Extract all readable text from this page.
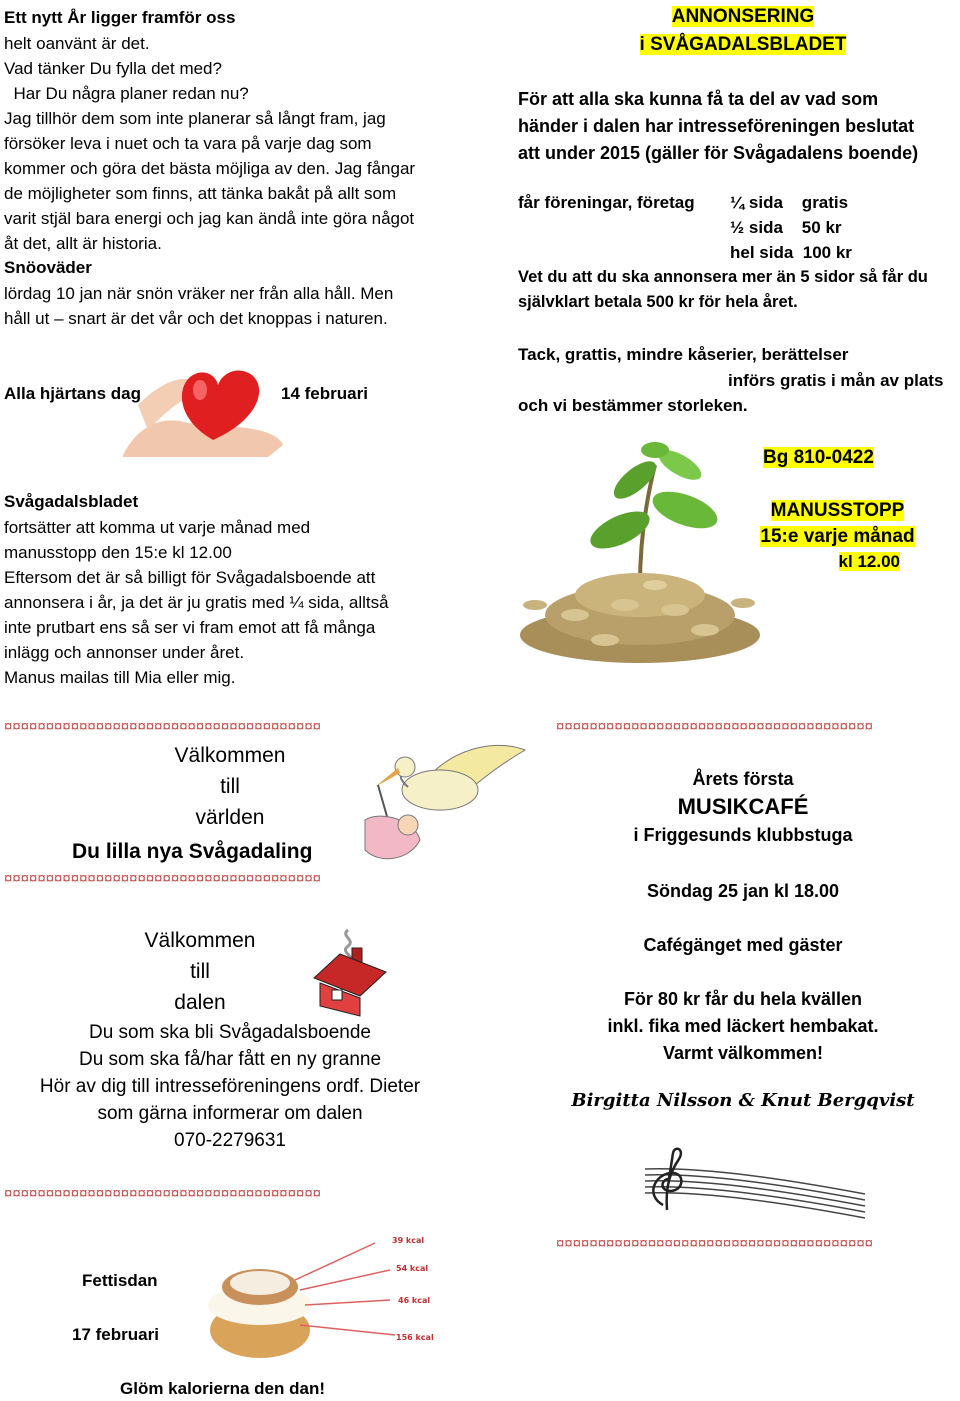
Ett nytt År ligger framför oss
helt oanvänt är det.
Vad tänker Du fylla det med?
Har Du några planer redan nu?
Jag tillhör dem som inte planerar så långt fram, jag
försöker leva i nuet och ta vara på varje dag som
kommer och göra det bästa möjliga av den. Jag fångar
de möjligheter som finns, att tänka bakåt på allt som
varit stjäl bara energi och jag kan ändå inte göra något
åt det, allt är historia.
Snöoväder
lördag 10 jan när snön vräker ner från alla håll. Men
håll ut – snart är det vår och det knoppas i naturen.
Alla hjärtans dag	14 februari
Svågadalsbladet
fortsätter att komma ut varje månad med
manusstopp den 15:e kl 12.00
Eftersom det är så billigt för Svågadalsboende att
annonsera i år, ja det är ju gratis med ¼ sida, alltså
inte prutbart ens så ser vi fram emot att få många
inlägg och annonser under året.
Manus mailas till Mia eller mig.
ANNONSERING
i SVÅGADALSBLADET
För att alla ska kunna få ta del av vad som
händer i dalen har intresseföreningen beslutat
att under 2015 (gäller för Svågadalens boende)
får föreningar, företag ¼ sida    gratis
½ sida    50 kr
hel sida  100 kr
Vet du att du ska annonsera mer än 5 sidor så får du
självklart betala 500 kr för hela året.
Tack, grattis, mindre kåserier, berättelser
införs gratis i mån av plats
och vi bestämmer storleken.
Bg 810-0422
MANUSSTOPP
15:e varje månad
kl 12.00
¤¤¤¤¤¤¤¤¤¤¤¤¤¤¤¤¤¤¤¤¤¤¤¤¤¤¤¤¤¤¤¤¤¤¤¤¤¤
Välkommen
till
världen
Du lilla nya Svågadaling
¤¤¤¤¤¤¤¤¤¤¤¤¤¤¤¤¤¤¤¤¤¤¤¤¤¤¤¤¤¤¤¤¤¤¤¤¤¤
Välkommen
till
dalen
Du som ska bli Svågadalsboende
Du som ska få/har fått en ny granne
Hör av dig till intresseföreningens ordf. Dieter
som gärna informerar om dalen
070-2279631
¤¤¤¤¤¤¤¤¤¤¤¤¤¤¤¤¤¤¤¤¤¤¤¤¤¤¤¤¤¤¤¤¤¤¤¤¤¤
Fettisdan
17 februari
Glöm kalorierna den dan!
39 kcal
54 kcal
46 kcal
156 kcal
¤¤¤¤¤¤¤¤¤¤¤¤¤¤¤¤¤¤¤¤¤¤¤¤¤¤¤¤¤¤¤¤¤¤¤¤¤¤
Årets första
MUSIKCAFÉ
i Friggesunds klubbstuga
Söndag 25 jan kl 18.00
Cafégänget med gäster
För 80 kr får du hela kvällen
inkl. fika med läckert hembakat.
Varmt välkommen!
Birgitta Nilsson & Knut Bergqvist
¤¤¤¤¤¤¤¤¤¤¤¤¤¤¤¤¤¤¤¤¤¤¤¤¤¤¤¤¤¤¤¤¤¤¤¤¤¤
